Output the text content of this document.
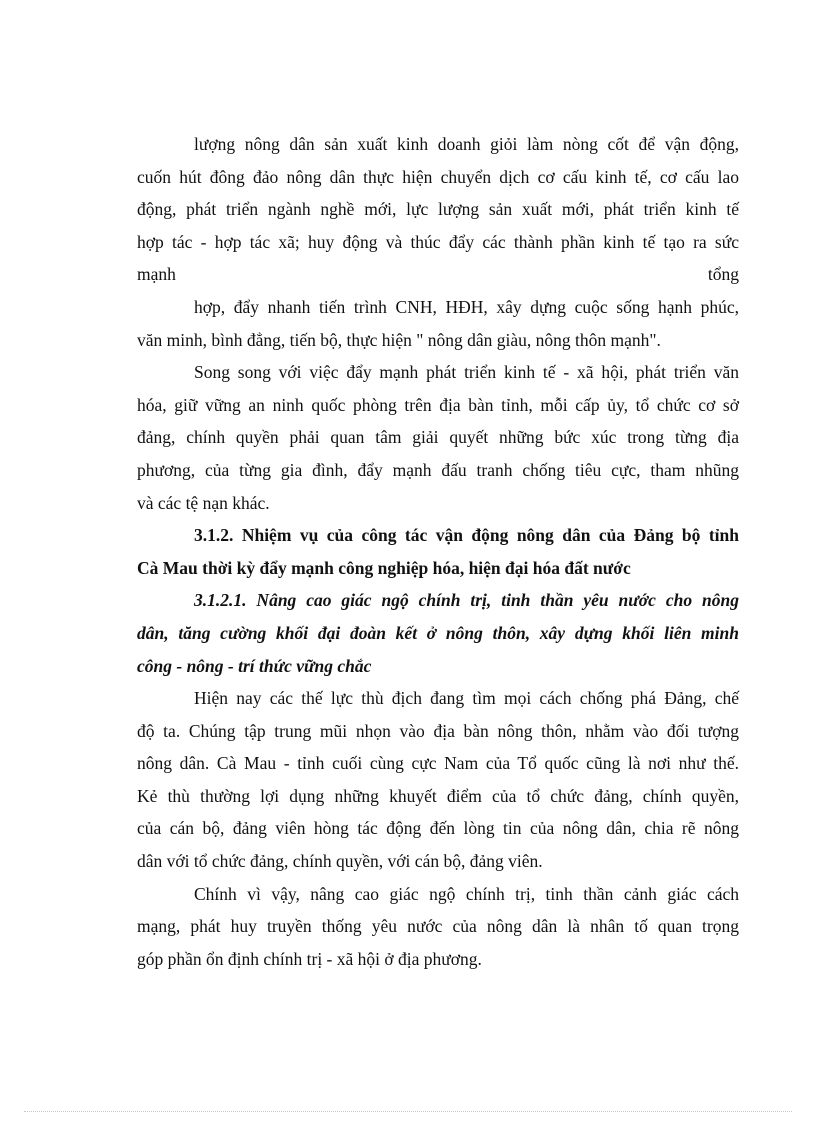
lượng nông dân sản xuất kinh doanh giỏi làm nòng cốt để vận động,
cuốn hút đông đảo nông dân thực hiện chuyển dịch cơ cấu kinh tế, cơ cấu lao
động, phát triển ngành nghề mới, lực lượng sản xuất mới, phát triển kinh tế
hợp tác - hợp tác xã; huy động và thúc đẩy các thành phần kinh tế tạo ra sức
mạnh tổng
hợp, đẩy nhanh tiến trình CNH, HĐH, xây dựng cuộc sống hạnh phúc,
văn minh, bình đẳng, tiến bộ, thực hiện " nông dân giàu, nông thôn mạnh".
Song song với việc đẩy mạnh phát triển kinh tế - xã hội, phát triển văn
hóa, giữ vững an ninh quốc phòng trên địa bàn tỉnh, mỗi cấp ủy, tổ chức cơ sở
đảng, chính quyền phải quan tâm giải quyết những bức xúc trong từng địa
phương, của từng gia đình, đẩy mạnh đấu tranh chống tiêu cực, tham nhũng
và các tệ nạn khác.
3.1.2. Nhiệm vụ của công tác vận động nông dân của Đảng bộ tỉnh
Cà Mau thời kỳ đẩy mạnh công nghiệp hóa, hiện đại hóa đất nước
3.1.2.1. Nâng cao giác ngộ chính trị, tinh thần yêu nước cho nông
dân, tăng cường khối đại đoàn kết ở nông thôn, xây dựng khối liên minh
công - nông - trí thức vững chắc
Hiện nay các thế lực thù địch đang tìm mọi cách chống phá Đảng, chế
độ ta. Chúng tập trung mũi nhọn vào địa bàn nông thôn, nhằm vào đối tượng
nông dân. Cà Mau - tỉnh cuối cùng cực Nam của Tổ quốc cũng là nơi như thế.
Kẻ thù thường lợi dụng những khuyết điểm của tổ chức đảng, chính quyền,
của cán bộ, đảng viên hòng tác động đến lòng tin của nông dân, chia rẽ nông
dân với tổ chức đảng, chính quyền, với cán bộ, đảng viên.
Chính vì vậy, nâng cao giác ngộ chính trị, tinh thần cảnh giác cách
mạng, phát huy truyền thống yêu nước của nông dân là nhân tố quan trọng
góp phần ổn định chính trị - xã hội ở địa phương.
